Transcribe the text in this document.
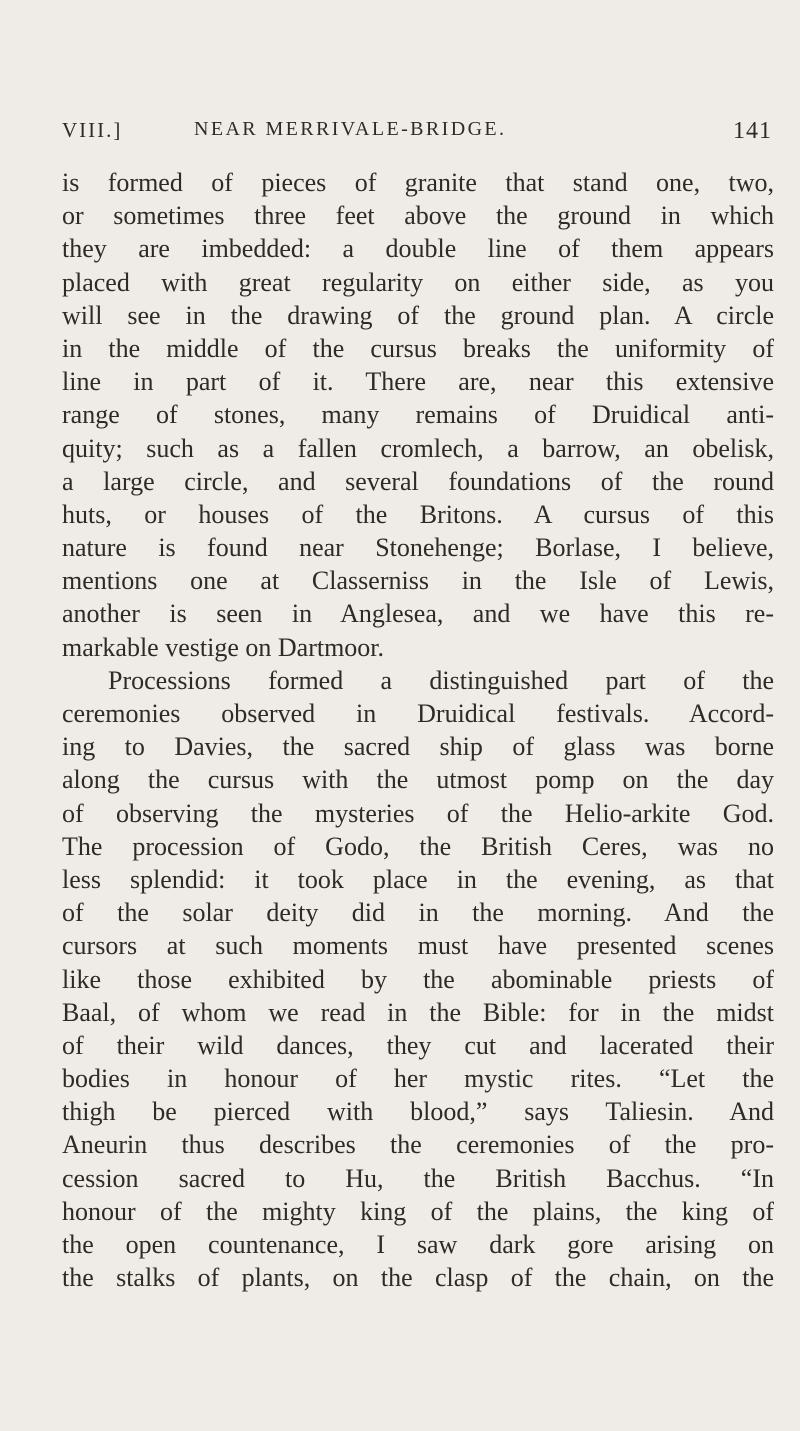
VIII.]	NEAR MERRIVALE-BRIDGE.	141
is formed of pieces of granite that stand one, two,
or sometimes three feet above the ground in which
they are imbedded: a double line of them appears
placed with great regularity on either side, as you
will see in the drawing of the ground plan. A circle
in the middle of the cursus breaks the uniformity of
line in part of it. There are, near this extensive
range of stones, many remains of Druidical anti-
quity; such as a fallen cromlech, a barrow, an obelisk,
a large circle, and several foundations of the round
huts, or houses of the Britons. A cursus of this
nature is found near Stonehenge; Borlase, I believe,
mentions one at Classerniss in the Isle of Lewis,
another is seen in Anglesea, and we have this re-
markable vestige on Dartmoor.
Processions formed a distinguished part of the
ceremonies observed in Druidical festivals. Accord-
ing to Davies, the sacred ship of glass was borne
along the cursus with the utmost pomp on the day
of observing the mysteries of the Helio-arkite God.
The procession of Godo, the British Ceres, was no
less splendid: it took place in the evening, as that
of the solar deity did in the morning. And the
cursors at such moments must have presented scenes
like those exhibited by the abominable priests of
Baal, of whom we read in the Bible: for in the midst
of their wild dances, they cut and lacerated their
bodies in honour of her mystic rites. “Let the
thigh be pierced with blood,” says Taliesin. And
Aneurin thus describes the ceremonies of the pro-
cession sacred to Hu, the British Bacchus. “In
honour of the mighty king of the plains, the king of
the open countenance, I saw dark gore arising on
the stalks of plants, on the clasp of the chain, on the
